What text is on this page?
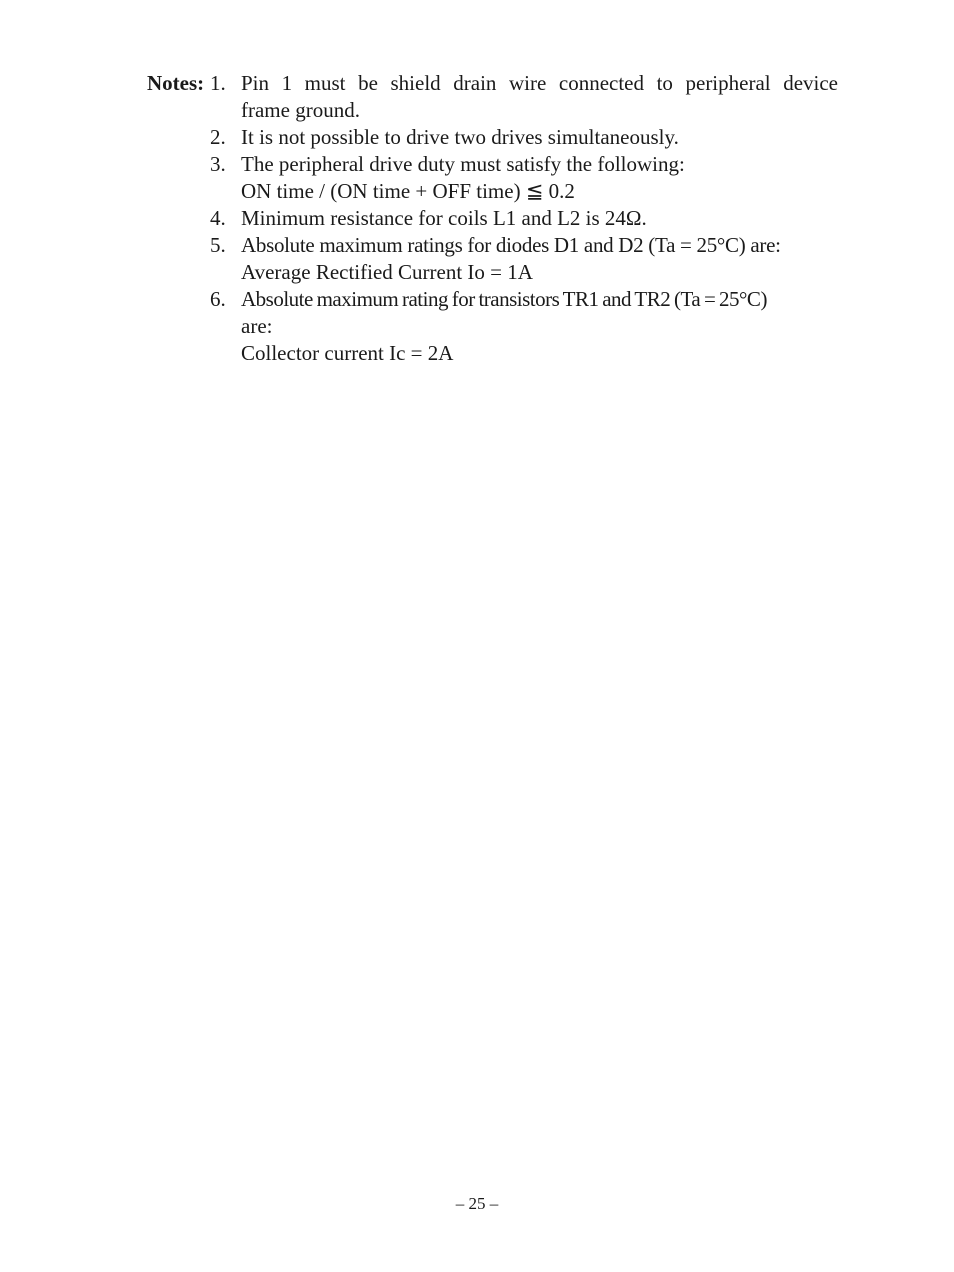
Notes: 1. Pin 1 must be shield drain wire connected to peripheral device
frame ground.
2. It is not possible to drive two drives simultaneously.
3. The peripheral drive duty must satisfy the following:
ON time / (ON time + OFF time) ≦ 0.2
4. Minimum resistance for coils L1 and L2 is 24Ω.
5. Absolute maximum ratings for diodes D1 and D2 (Ta = 25°C) are:
Average Rectified Current Io = 1A
6. Absolute maximum rating for transistors TR1 and TR2 (Ta = 25°C)
are:
Collector current Ic = 2A
– 25 –
